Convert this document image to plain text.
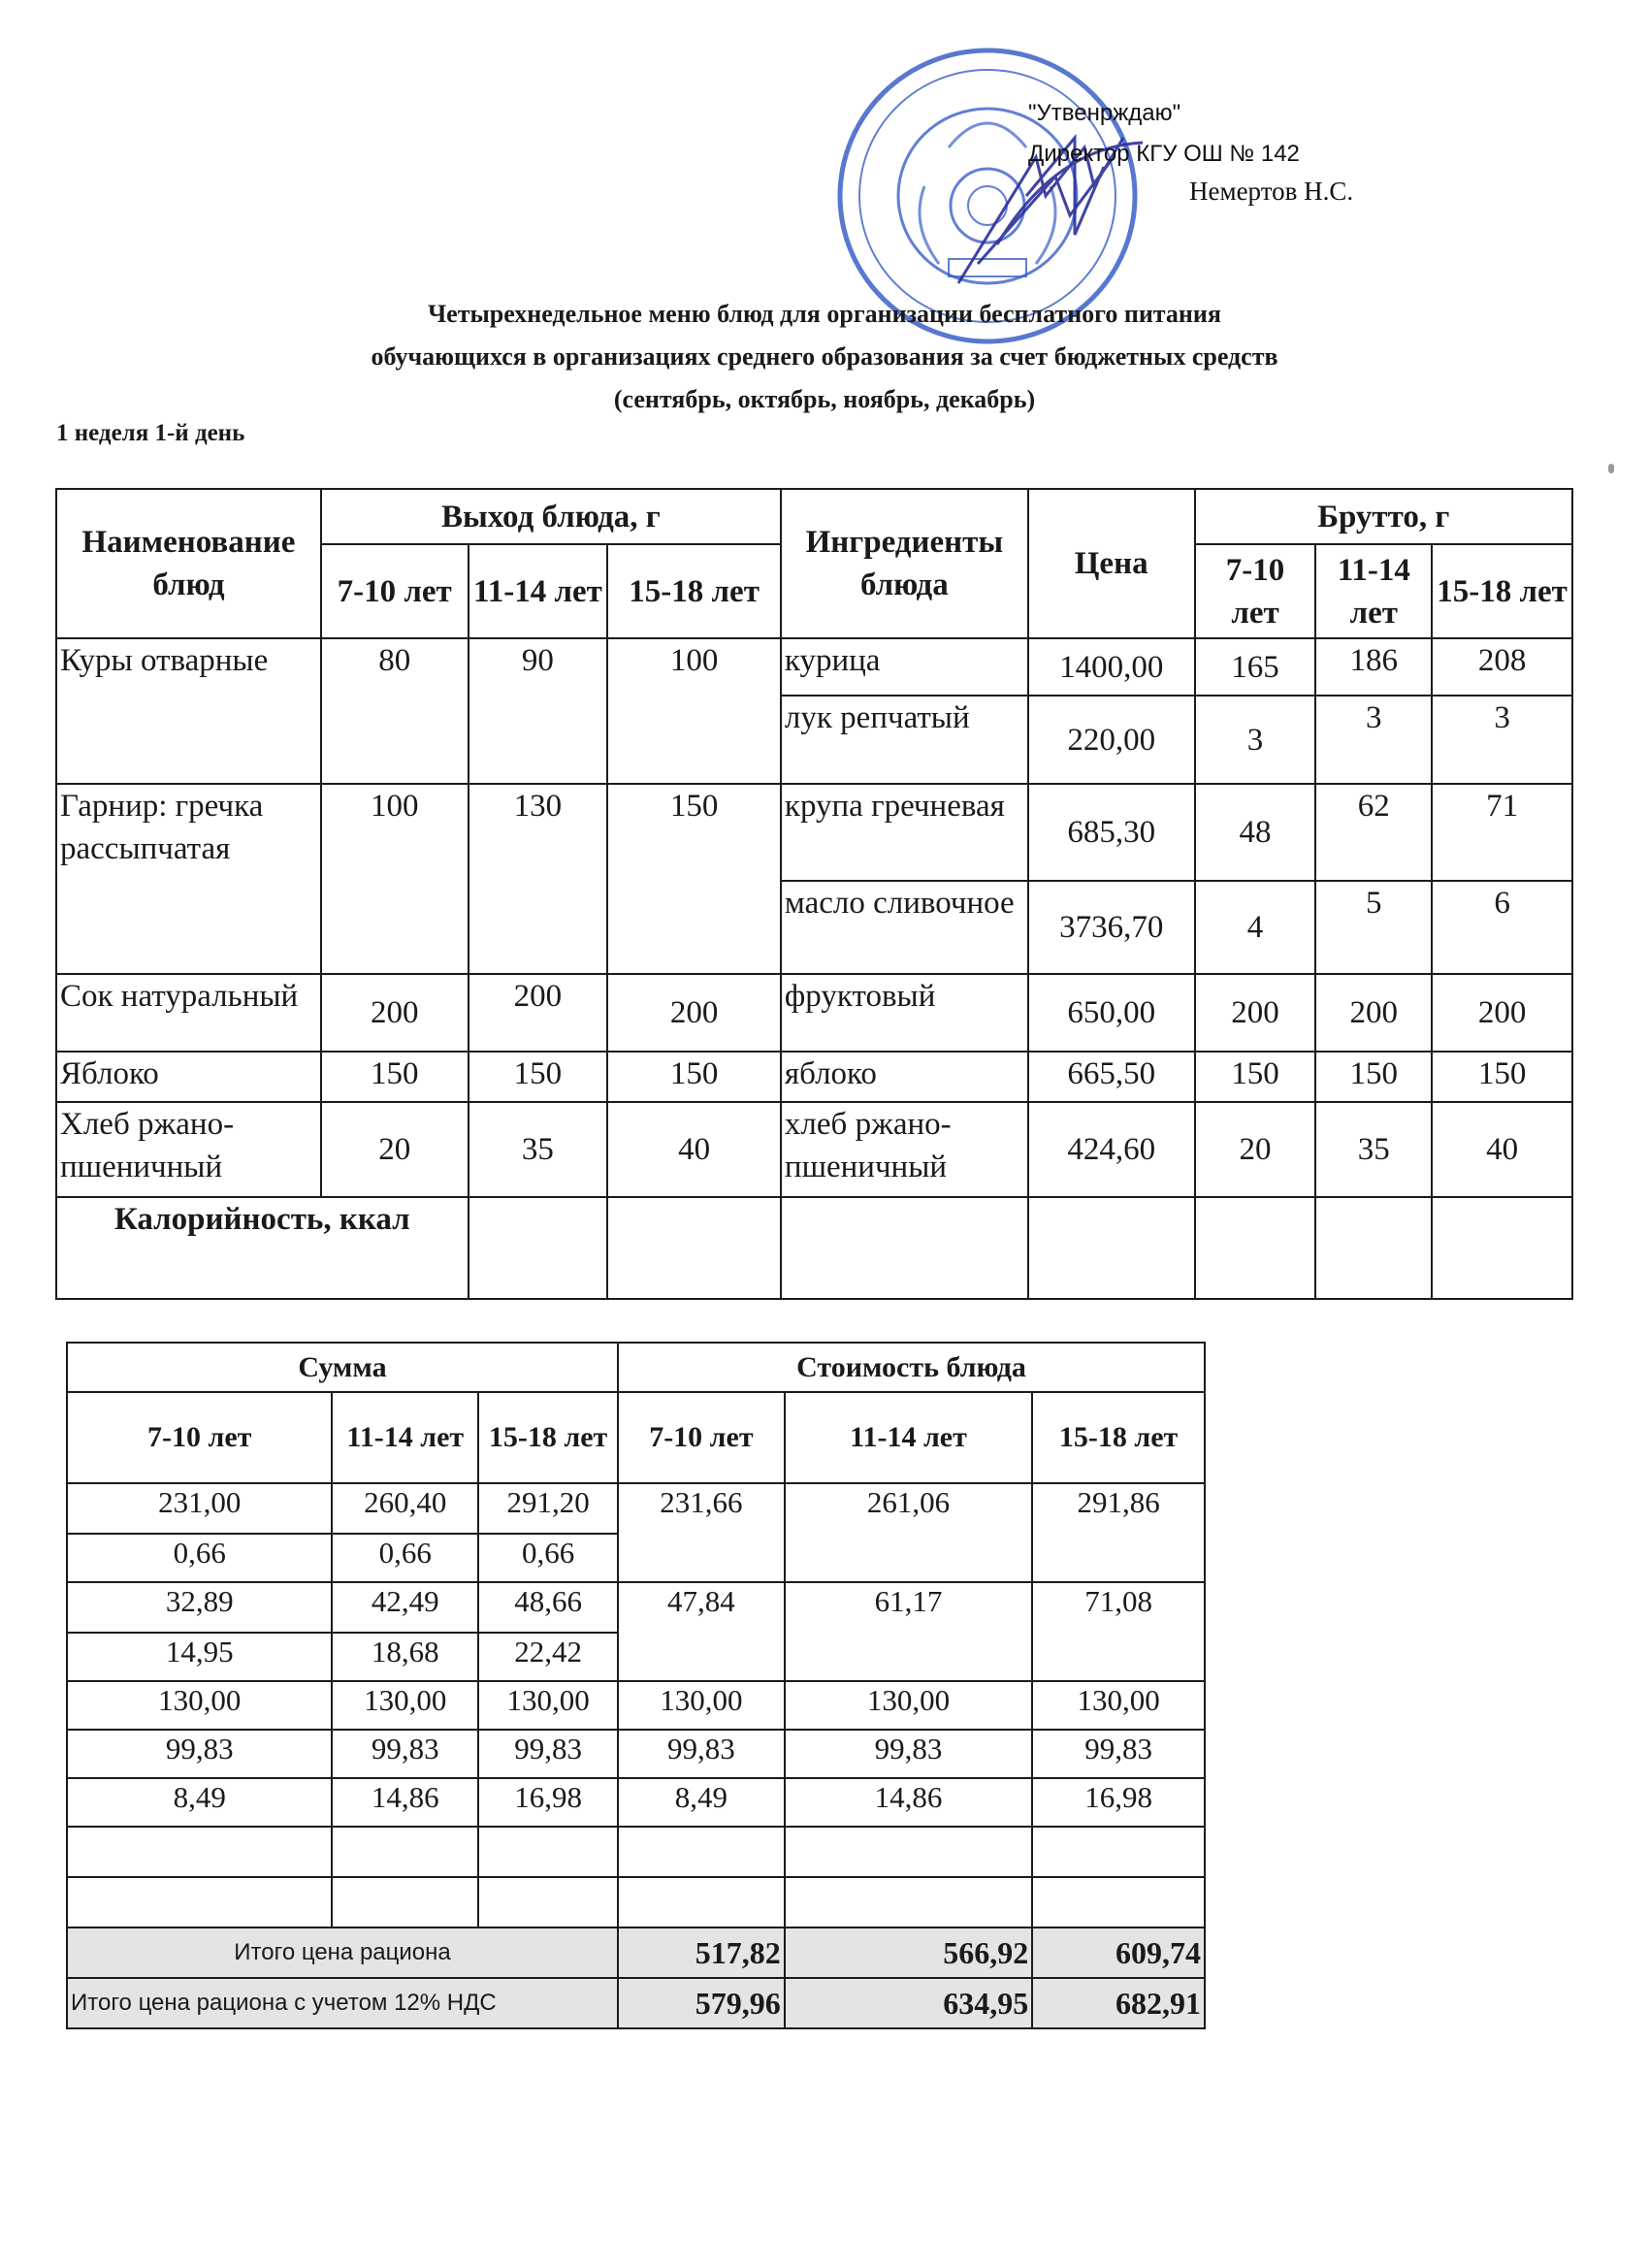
"Утвенрждаю"
Директор КГУ ОШ № 142
Немертов Н.С.
Четырехнедельное меню блюд для организации бесплатного питания
обучающихся в организациях среднего образования за счет бюджетных средств
(сентябрь, октябрь, ноябрь, декабрь)
1 неделя 1-й день
Наименование блюд	Выход блюда, г			Ингредиенты блюда	Цена	Брутто, г		
	7-10 лет	11-14 лет	15-18 лет			7-10 лет	11-14 лет	15-18 лет
Куры отварные	80	90	100	курица	1400,00	165	186	208
				лук репчатый	220,00	3	3	3
Гарнир: гречка рассыпчатая	100	130	150	крупа гречневая	685,30	48	62	71
				масло сливочное	3736,70	4	5	6

Сок натуральный	200	200	200	фруктовый	650,00	200	200	200
Яблоко	150	150	150	яблоко	665,50	150	150	150
Хлеб ржано-пшеничный	20	35	40	хлеб ржано-пшеничный	424,60	20	35	40
Калорийность, ккал								
Сумма			Стоимость блюда		
7-10 лет	11-14 лет	15-18 лет	7-10 лет	11-14 лет	15-18 лет
231,00	260,40	291,20	231,66	261,06	291,86
0,66	0,66	0,66			
32,89	42,49	48,66	47,84	61,17	71,08
14,95	18,68	22,42			
130,00	130,00	130,00	130,00	130,00	130,00
99,83	99,83	99,83	99,83	99,83	99,83
8,49	14,86	16,98	8,49	14,86	16,98

Итого цена рациона			517,82	566,92	609,74
Итого цена рациона с учетом 12% НДС			579,96	634,95	682,91
